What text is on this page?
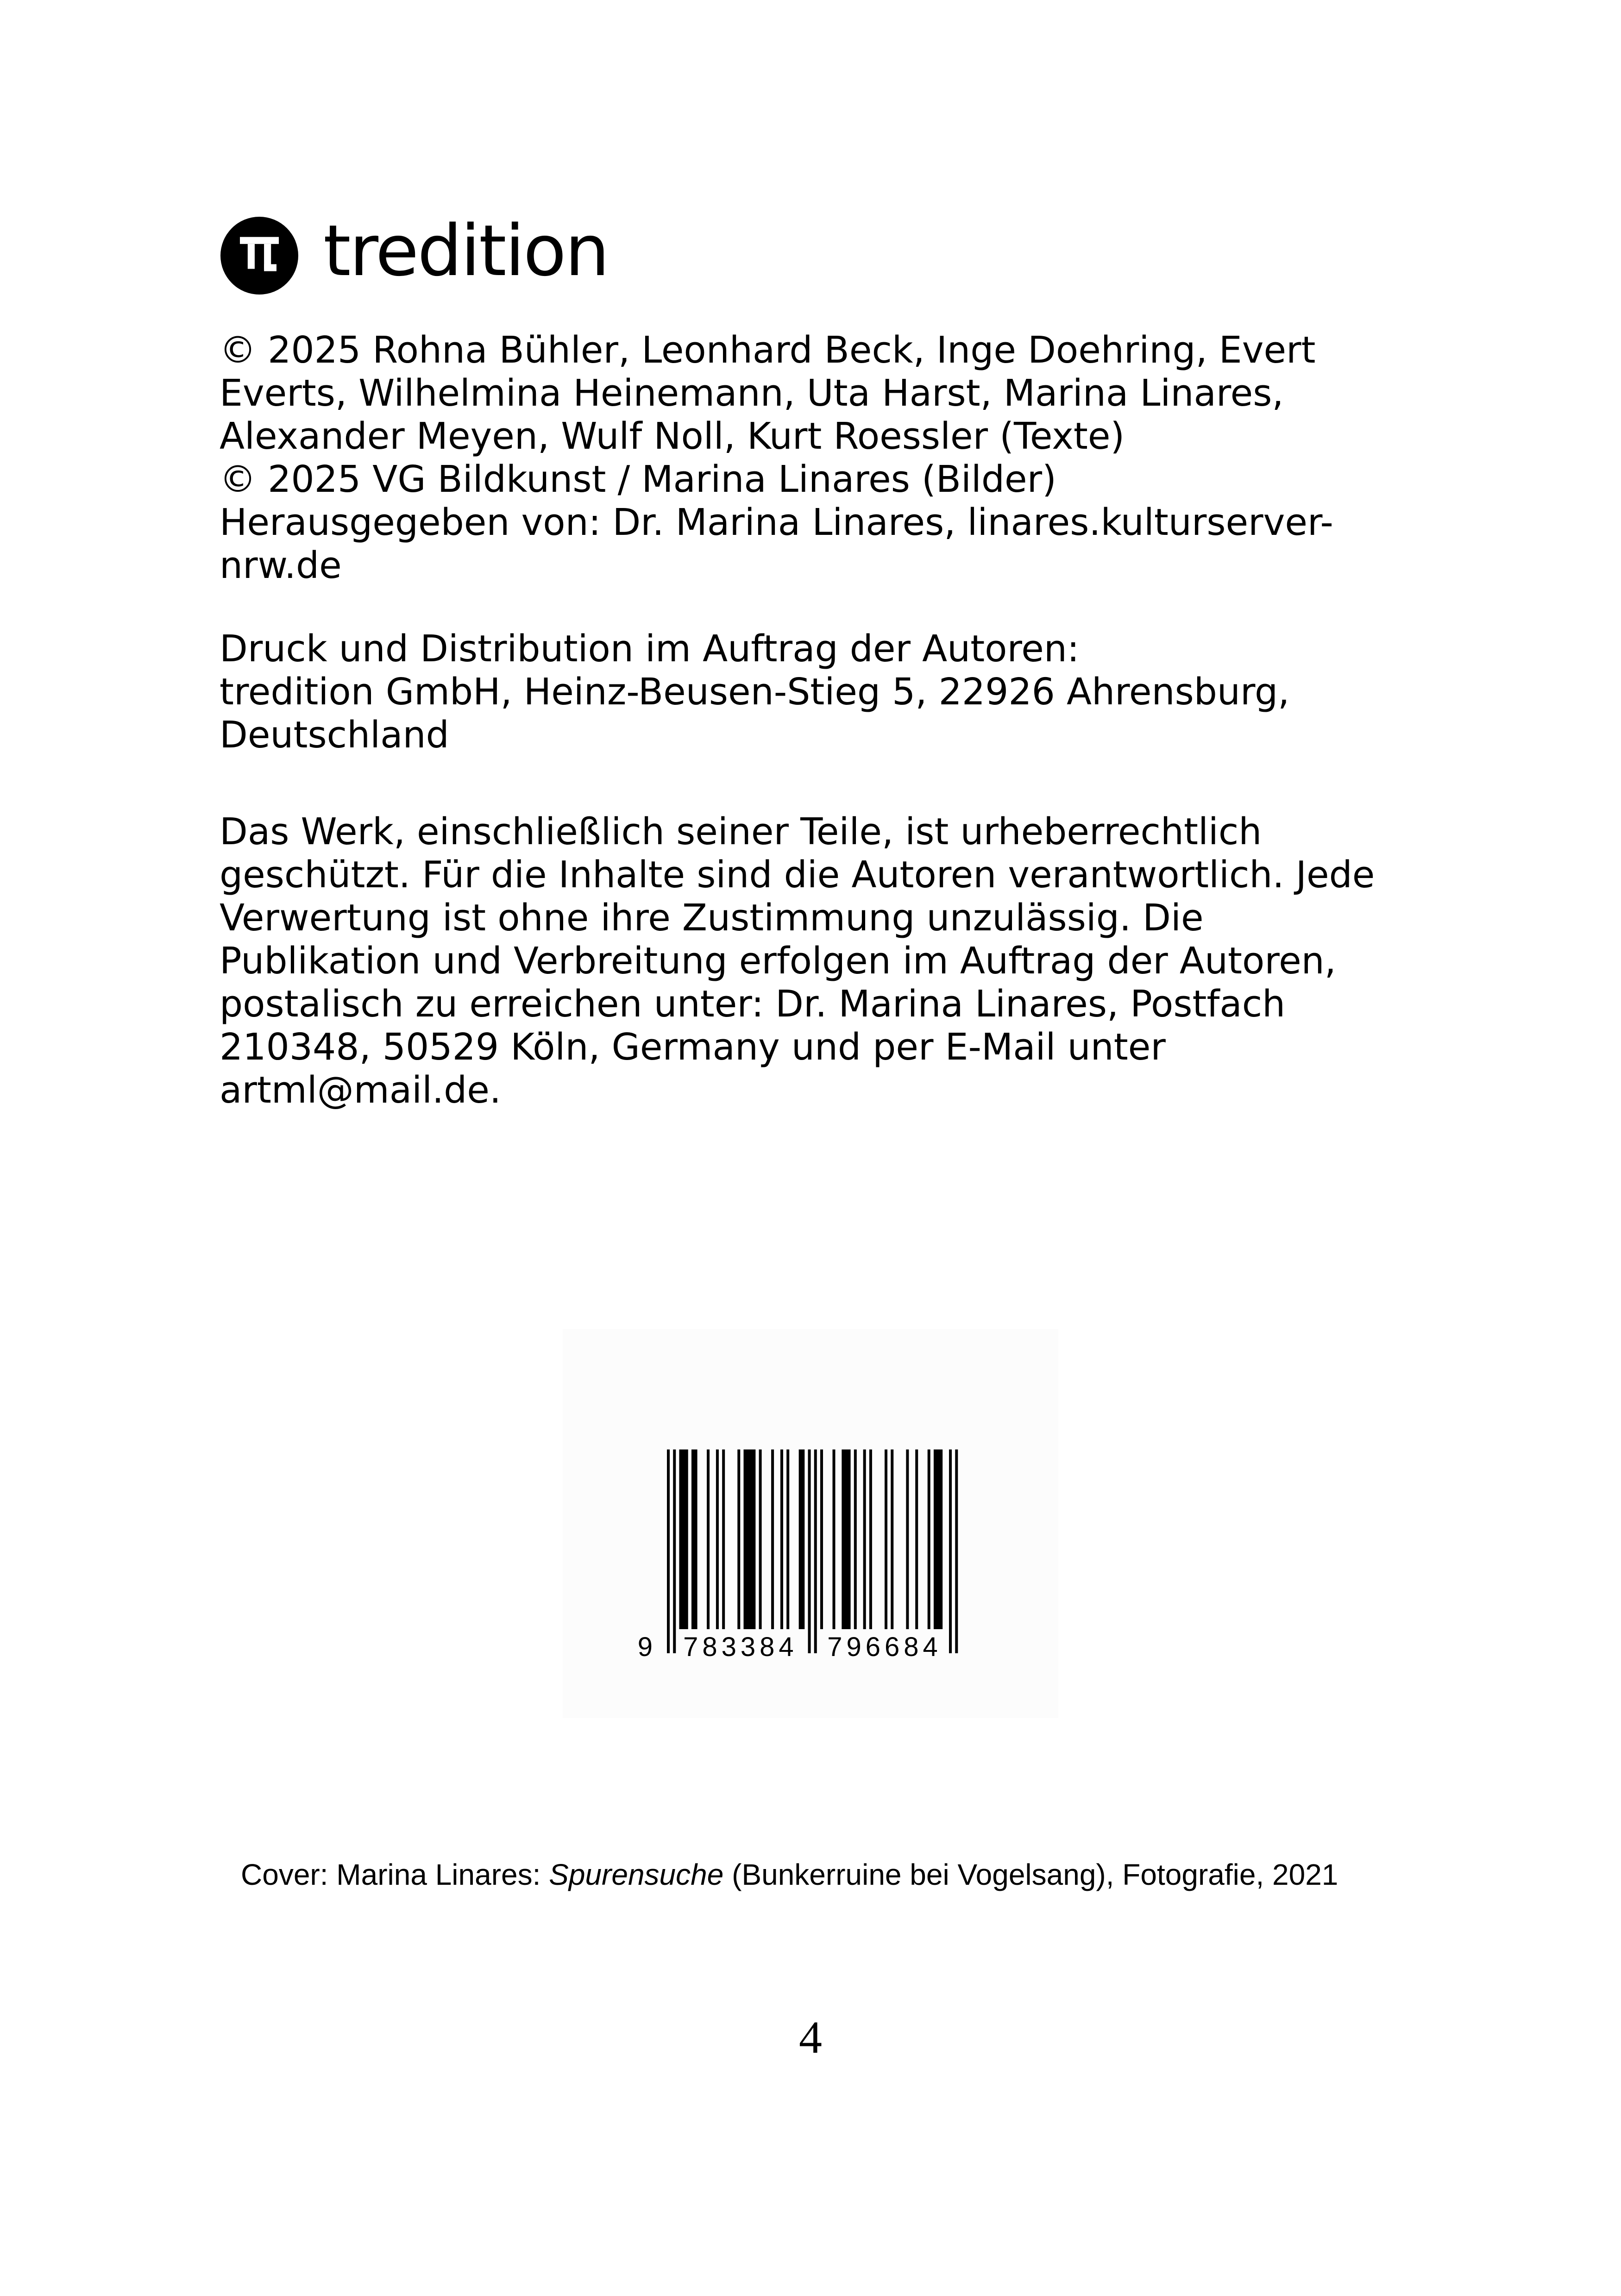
tredition

© 2025 Rohna Bühler, Leonhard Beck, Inge Doehring, Evert
Everts, Wilhelmina Heinemann, Uta Harst, Marina Linares,
Alexander Meyen, Wulf Noll, Kurt Roessler (Texte)
© 2025 VG Bildkunst / Marina Linares (Bilder)
Herausgegeben von: Dr. Marina Linares, linares.kulturserver-
nrw.de

Druck und Distribution im Auftrag der Autoren:
tredition GmbH, Heinz-Beusen-Stieg 5, 22926 Ahrensburg,
Deutschland

Das Werk, einschließlich seiner Teile, ist urheberrechtlich
geschützt. Für die Inhalte sind die Autoren verantwortlich. Jede
Verwertung ist ohne ihre Zustimmung unzulässig. Die
Publikation und Verbreitung erfolgen im Auftrag der Autoren,
postalisch zu erreichen unter: Dr. Marina Linares, Postfach
210348, 50529 Köln, Germany und per E-Mail unter
artml@mail.de.

9 783384 796684

Cover: Marina Linares: Spurensuche (Bunkerruine bei Vogelsang), Fotografie, 2021

4
